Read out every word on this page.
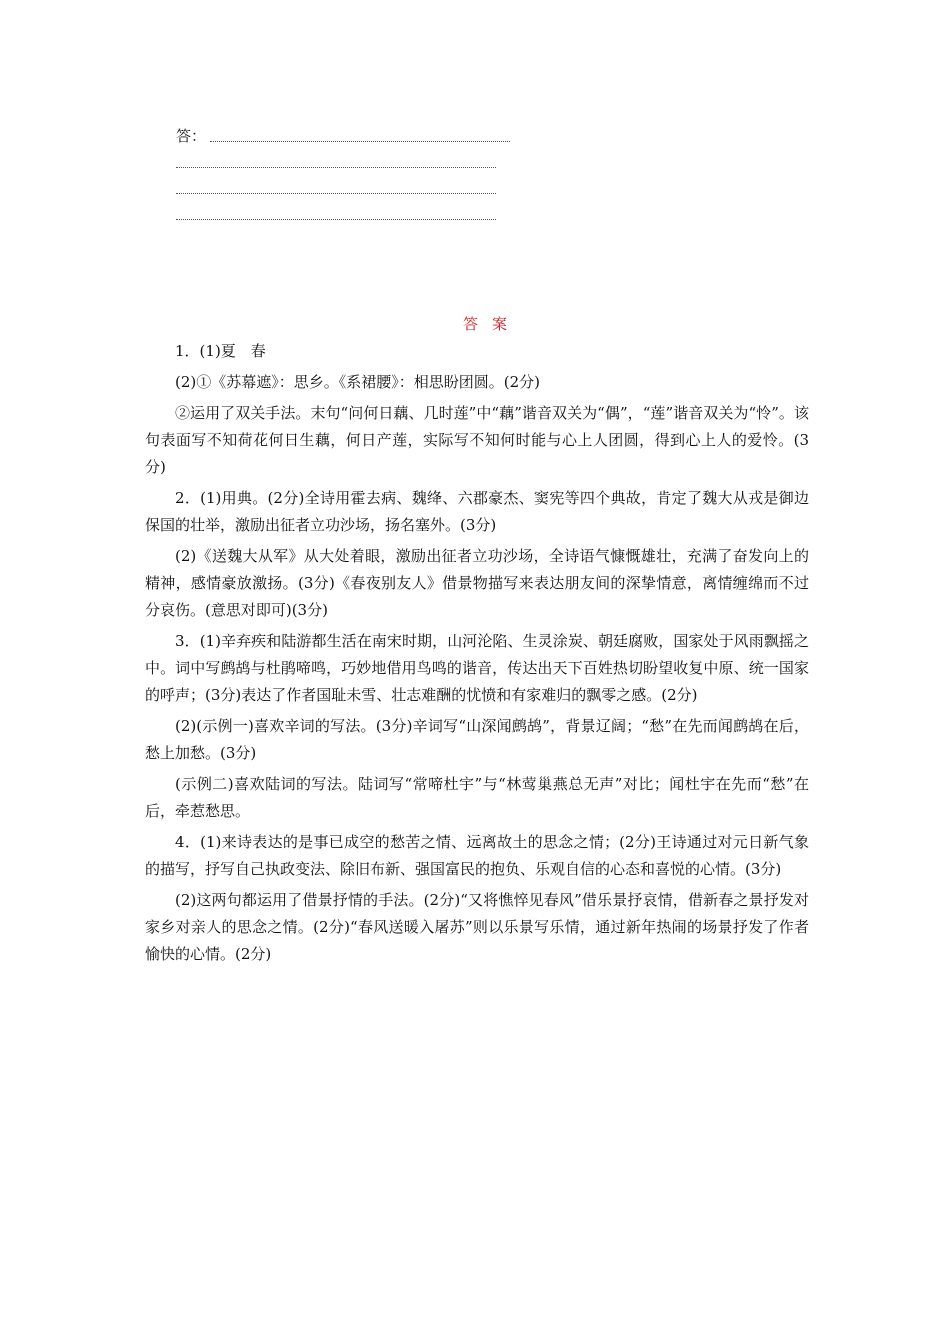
答：
答案

1．(1)夏　春

(2)①《苏幕遮》：思乡。《系裙腰》：相思盼团圆。(2分)

②运用了双关手法。末句“问何日藕、几时莲”中“藕”谐音双关为“偶”，“莲”谐音双关为“怜”。该句表面写不知荷花何日生藕，何日产莲，实际写不知何时能与心上人团圆，得到心上人的爱怜。(3分)

2．(1)用典。(2分)全诗用霍去病、魏绛、六郡豪杰、窦宪等四个典故，肯定了魏大从戎是御边保国的壮举，激励出征者立功沙场，扬名塞外。(3分)

(2)《送魏大从军》从大处着眼，激励出征者立功沙场，全诗语气慷慨雄壮，充满了奋发向上的精神，感情豪放激扬。(3分)《春夜别友人》借景物描写来表达朋友间的深挚情意，离情缠绵而不过分哀伤。(意思对即可)(3分)

3．(1)辛弃疾和陆游都生活在南宋时期，山河沦陷、生灵涂炭、朝廷腐败，国家处于风雨飘摇之中。词中写鹧鸪与杜鹃啼鸣，巧妙地借用鸟鸣的谐音，传达出天下百姓热切盼望收复中原、统一国家的呼声；(3分)表达了作者国耻未雪、壮志难酬的忧愤和有家难归的飘零之感。(2分)

(2)(示例一)喜欢辛词的写法。(3分)辛词写“山深闻鹧鸪”，背景辽阔；“愁”在先而闻鹧鸪在后，愁上加愁。(3分)

(示例二)喜欢陆词的写法。陆词写“常啼杜宇”与“林莺巢燕总无声”对比；闻杜宇在先而“愁”在后，牵惹愁思。

4．(1)来诗表达的是事已成空的愁苦之情、远离故土的思念之情；(2分)王诗通过对元日新气象的描写，抒写自己执政变法、除旧布新、强国富民的抱负、乐观自信的心态和喜悦的心情。(3分)

(2)这两句都运用了借景抒情的手法。(2分)“又将憔悴见春风”借乐景抒哀情，借新春之景抒发对家乡对亲人的思念之情。(2分)“春风送暖入屠苏”则以乐景写乐情，通过新年热闹的场景抒发了作者愉快的心情。(2分)
